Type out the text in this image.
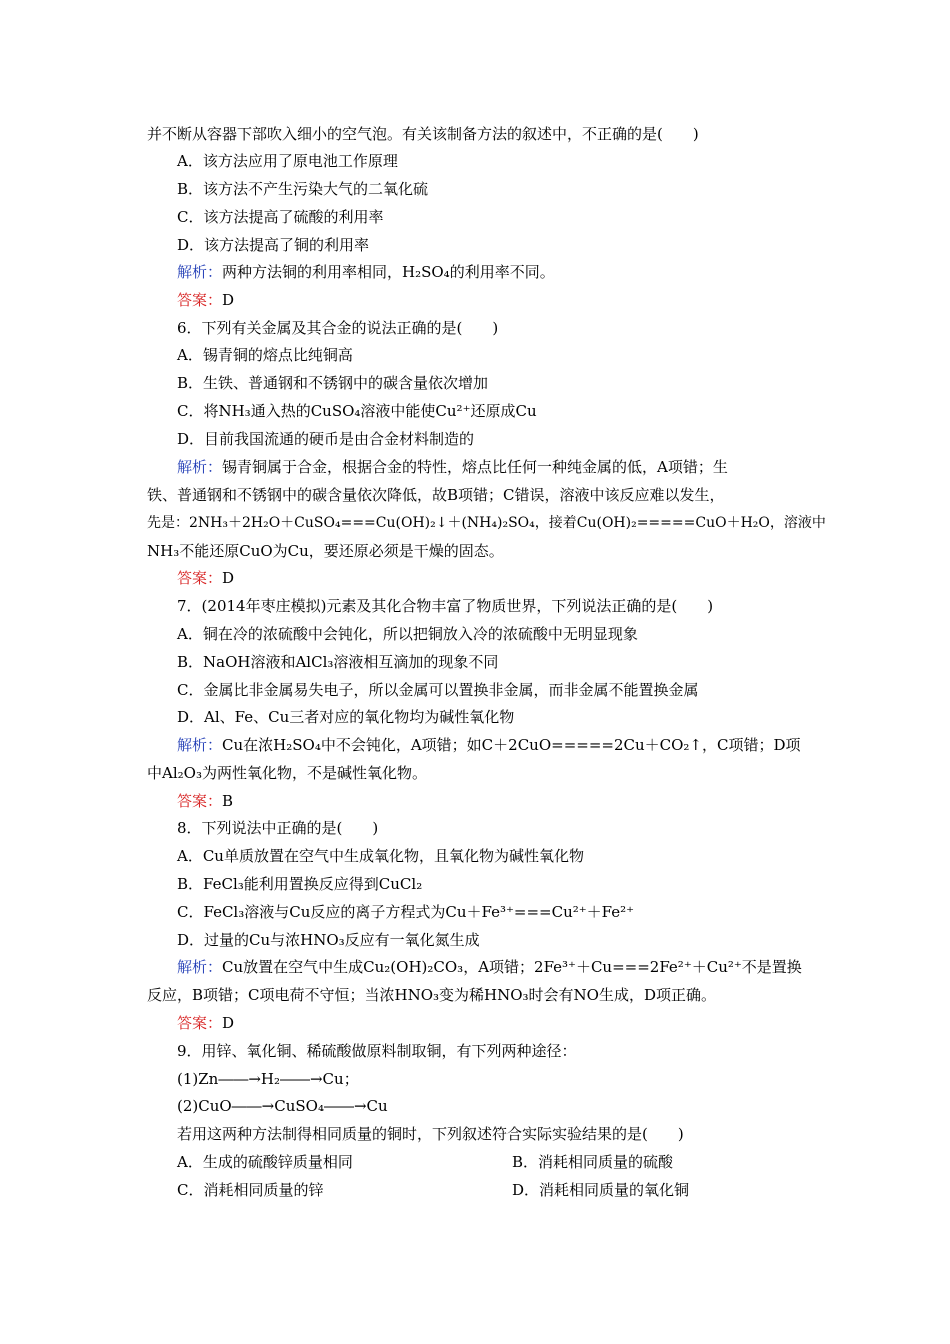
并不断从容器下部吹入细小的空气泡。有关该制备方法的叙述中，不正确的是(　　)
A．该方法应用了原电池工作原理
B．该方法不产生污染大气的二氧化硫
C．该方法提高了硫酸的利用率
D．该方法提高了铜的利用率
解析：两种方法铜的利用率相同，H₂SO₄的利用率不同。
答案：D
6．下列有关金属及其合金的说法正确的是(　　)
A．锡青铜的熔点比纯铜高
B．生铁、普通钢和不锈钢中的碳含量依次增加
C．将NH₃通入热的CuSO₄溶液中能使Cu²⁺还原成Cu
D．目前我国流通的硬币是由合金材料制造的
解析：锡青铜属于合金，根据合金的特性，熔点比任何一种纯金属的低，A项错；生
铁、普通钢和不锈钢中的碳含量依次降低，故B项错；C错误，溶液中该反应难以发生，
先是：2NH₃＋2H₂O＋CuSO₄===Cu(OH)₂↓＋(NH₄)₂SO₄，接着Cu(OH)₂=====CuO＋H₂O，溶液中
NH₃不能还原CuO为Cu，要还原必须是干燥的固态。
答案：D
7．(2014年枣庄模拟)元素及其化合物丰富了物质世界，下列说法正确的是(　　)
A．铜在冷的浓硫酸中会钝化，所以把铜放入冷的浓硫酸中无明显现象
B．NaOH溶液和AlCl₃溶液相互滴加的现象不同
C．金属比非金属易失电子，所以金属可以置换非金属，而非金属不能置换金属
D．Al、Fe、Cu三者对应的氧化物均为碱性氧化物
解析：Cu在浓H₂SO₄中不会钝化，A项错；如C＋2CuO=====2Cu＋CO₂↑，C项错；D项
中Al₂O₃为两性氧化物，不是碱性氧化物。
答案：B
8．下列说法中正确的是(　　)
A．Cu单质放置在空气中生成氧化物，且氧化物为碱性氧化物
B．FeCl₃能利用置换反应得到CuCl₂
C．FeCl₃溶液与Cu反应的离子方程式为Cu＋Fe³⁺===Cu²⁺＋Fe²⁺
D．过量的Cu与浓HNO₃反应有一氧化氮生成
解析：Cu放置在空气中生成Cu₂(OH)₂CO₃，A项错；2Fe³⁺＋Cu===2Fe²⁺＋Cu²⁺不是置换
反应，B项错；C项电荷不守恒；当浓HNO₃变为稀HNO₃时会有NO生成，D项正确。
答案：D
9．用锌、氧化铜、稀硫酸做原料制取铜，有下列两种途径：
(1)Zn――→H₂――→Cu；
(2)CuO――→CuSO₄――→Cu
若用这两种方法制得相同质量的铜时，下列叙述符合实际实验结果的是(　　)
A．生成的硫酸锌质量相同	B．消耗相同质量的硫酸
C．消耗相同质量的锌	D．消耗相同质量的氧化铜
